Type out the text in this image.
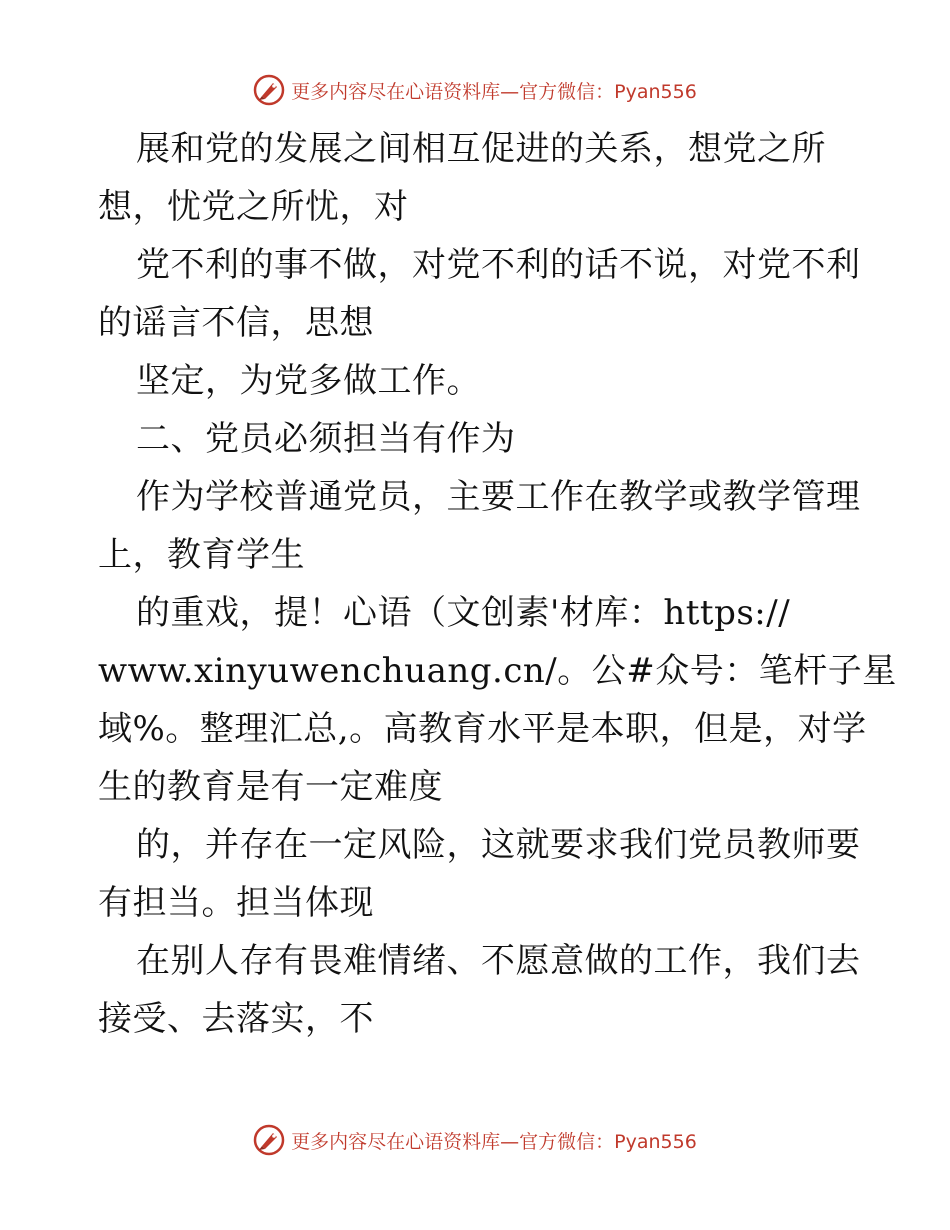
更多内容尽在心语资料库—官方微信：Pyan556
展和党的发展之间相互促进的关系，想党之所
想，忧党之所忧，对
党不利的事不做，对党不利的话不说，对党不利
的谣言不信，思想
坚定，为党多做工作。
二、党员必须担当有作为
作为学校普通党员，主要工作在教学或教学管理
上，教育学生
的重戏，提！心语（文创素'材库：https://
www.xinyuwenchuang.cn/。公#众号：笔杆子星
域%。整理汇总,。高教育水平是本职，但是，对学
生的教育是有一定难度
的，并存在一定风险，这就要求我们党员教师要
有担当。担当体现
在别人存有畏难情绪、不愿意做的工作，我们去
接受、去落实，不
更多内容尽在心语资料库—官方微信：Pyan556
